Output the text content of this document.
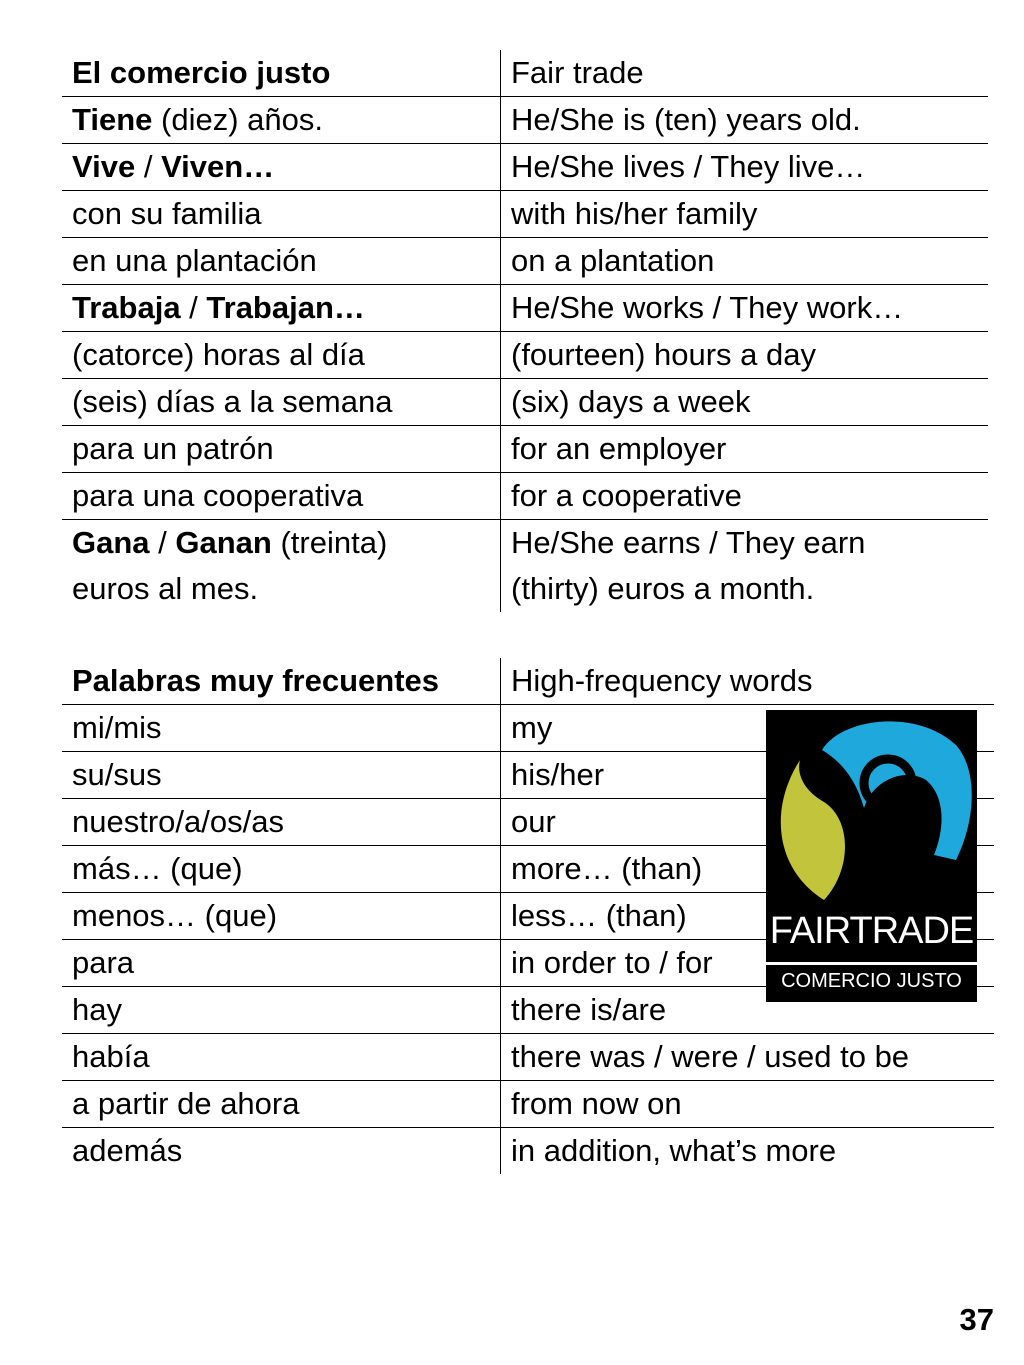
El comercio justo	Fair trade
Tiene (diez) años.	He/She is (ten) years old.
Vive / Viven…	He/She lives / They live…
con su familia	with his/her family
en una plantación	on a plantation
Trabaja / Trabajan…	He/She works / They work…
(catorce) horas al día	(fourteen) hours a day
(seis) días a la semana	(six) days a week
para un patrón	for an employer
para una cooperativa	for a cooperative
Gana / Ganan (treinta)	He/She earns / They earn
euros al mes.	(thirty) euros a month.
Palabras muy frecuentes	High-frequency words
mi/mis	my
su/sus	his/her
nuestro/a/os/as	our
más… (que)	more… (than)
menos… (que)	less… (than)
para	in order to / for
hay	there is/are
había	there was / were / used to be
a partir de ahora	from now on
además	in addition, what’s more
FAIRTRADE
COMERCIO JUSTO
37
